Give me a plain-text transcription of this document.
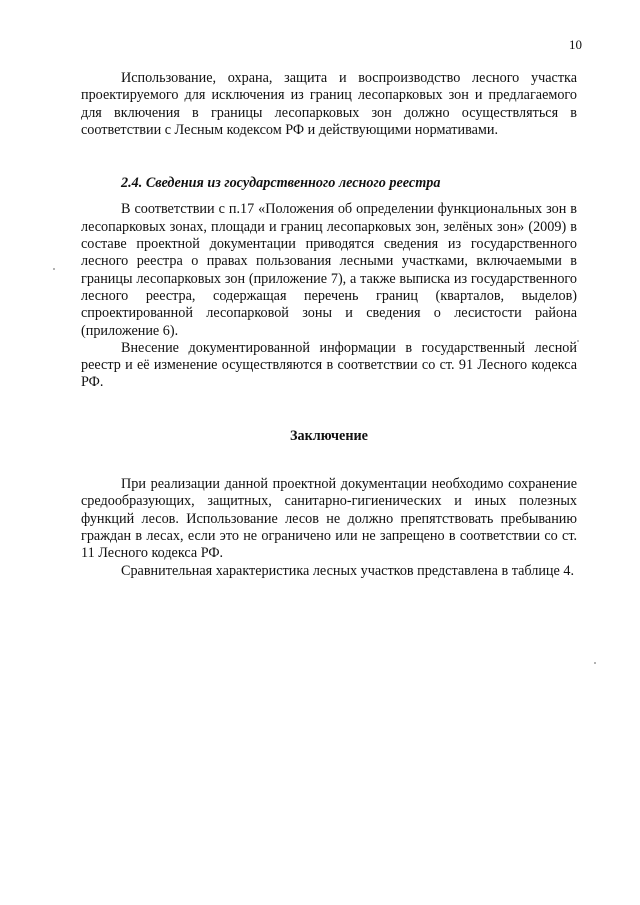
10

Использование, охрана, защита и воспроизводство лесного участка проектируемого для исключения из границ лесопарковых зон и предлагаемого для включения в границы лесопарковых зон должно осуществляться в соответствии с Лесным кодексом РФ и действующими нормативами.

2.4. Сведения из государственного лесного реестра

В соответствии с п.17 «Положения об определении функциональных зон в лесопарковых зонах, площади и границ лесопарковых зон, зелёных зон» (2009) в составе проектной документации приводятся сведения из государственного лесного реестра о правах пользования лесными участками, включаемыми в границы лесопарковых зон (приложение 7), а также выписка из государственного лесного реестра, содержащая перечень границ (кварталов, выделов) спроектированной лесопарковой зоны и сведения о лесистости района (приложение 6).

Внесение документированной информации в государственный лесной реестр и её изменение осуществляются в соответствии со ст. 91 Лесного кодекса РФ.

Заключение

При реализации данной проектной документации необходимо сохранение средообразующих, защитных, санитарно-гигиенических и иных полезных функций лесов. Использование лесов не должно препятствовать пребыванию граждан в лесах, если это не ограничено или не запрещено в соответствии со ст. 11 Лесного кодекса РФ.

Сравнительная характеристика лесных участков представлена в таблице 4.
